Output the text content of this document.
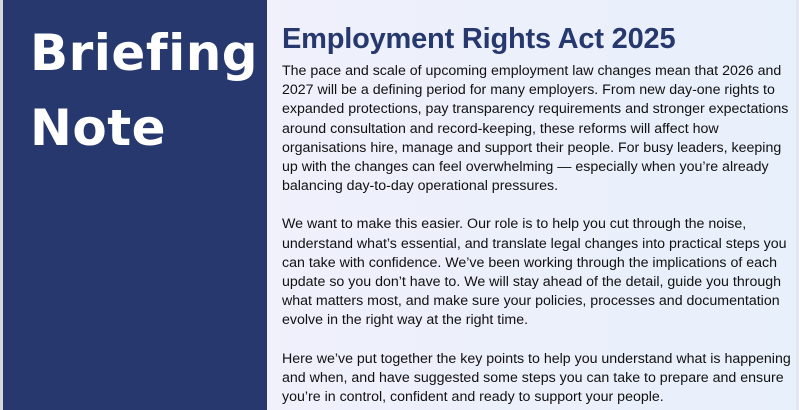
Briefing
Note
Employment Rights Act 2025

The pace and scale of upcoming employment law changes mean that 2026 and 2027 will be a defining period for many employers. From new day-one rights to expanded protections, pay transparency requirements and stronger expectations around consultation and record-keeping, these reforms will affect how organisations hire, manage and support their people. For busy leaders, keeping up with the changes can feel overwhelming — especially when you’re already balancing day-to-day operational pressures.

We want to make this easier. Our role is to help you cut through the noise, understand what’s essential, and translate legal changes into practical steps you can take with confidence. We’ve been working through the implications of each update so you don’t have to. We will stay ahead of the detail, guide you through what matters most, and make sure your policies, processes and documentation evolve in the right way at the right time.

Here we’ve put together the key points to help you understand what is happening and when, and have suggested some steps you can take to prepare and ensure you’re in control, confident and ready to support your people.
